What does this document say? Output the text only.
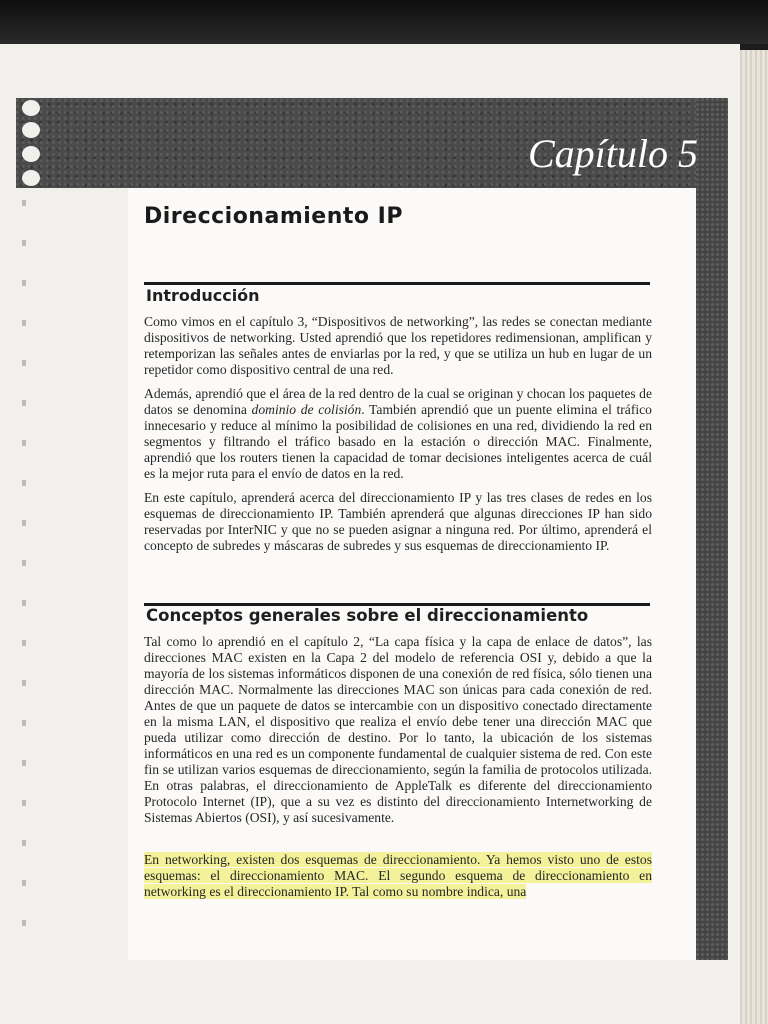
Capítulo 5
Direccionamiento IP
Introducción

Como vimos en el capítulo 3, “Dispositivos de networking”, las redes se conectan mediante dispositivos de networking. Usted aprendió que los repetidores redimensionan, amplifican y retemporizan las señales antes de enviarlas por la red, y que se utiliza un hub en lugar de un repetidor como dispositivo central de una red.

Además, aprendió que el área de la red dentro de la cual se originan y chocan los paquetes de datos se denomina dominio de colisión. También aprendió que un puente elimina el tráfico innecesario y reduce al mínimo la posibilidad de colisiones en una red, dividiendo la red en segmentos y filtrando el tráfico basado en la estación o dirección MAC. Finalmente, aprendió que los routers tienen la capacidad de tomar decisiones inteligentes acerca de cuál es la mejor ruta para el envío de datos en la red.

En este capítulo, aprenderá acerca del direccionamiento IP y las tres clases de redes en los esquemas de direccionamiento IP. También aprenderá que algunas direcciones IP han sido reservadas por InterNIC y que no se pueden asignar a ninguna red. Por último, aprenderá el concepto de subredes y máscaras de subredes y sus esquemas de direccionamiento IP.

Conceptos generales sobre el direccionamiento

Tal como lo aprendió en el capítulo 2, “La capa física y la capa de enlace de datos”, las direcciones MAC existen en la Capa 2 del modelo de referencia OSI y, debido a que la mayoría de los sistemas informáticos disponen de una conexión de red física, sólo tienen una dirección MAC. Normalmente las direcciones MAC son únicas para cada conexión de red. Antes de que un paquete de datos se intercambie con un dispositivo conectado directamente en la misma LAN, el dispositivo que realiza el envío debe tener una dirección MAC que pueda utilizar como dirección de destino. Por lo tanto, la ubicación de los sistemas informáticos en una red es un componente fundamental de cualquier sistema de red. Con este fin se utilizan varios esquemas de direccionamiento, según la familia de protocolos utilizada. En otras palabras, el direccionamiento de AppleTalk es diferente del direccionamiento Protocolo Internet (IP), que a su vez es distinto del direccionamiento Internetworking de Sistemas Abiertos (OSI), y así sucesivamente.

En networking, existen dos esquemas de direccionamiento. Ya hemos visto uno de estos esquemas: el direccionamiento MAC. El segundo esquema de direccionamiento en networking es el direccionamiento IP. Tal como su nombre indica, una
